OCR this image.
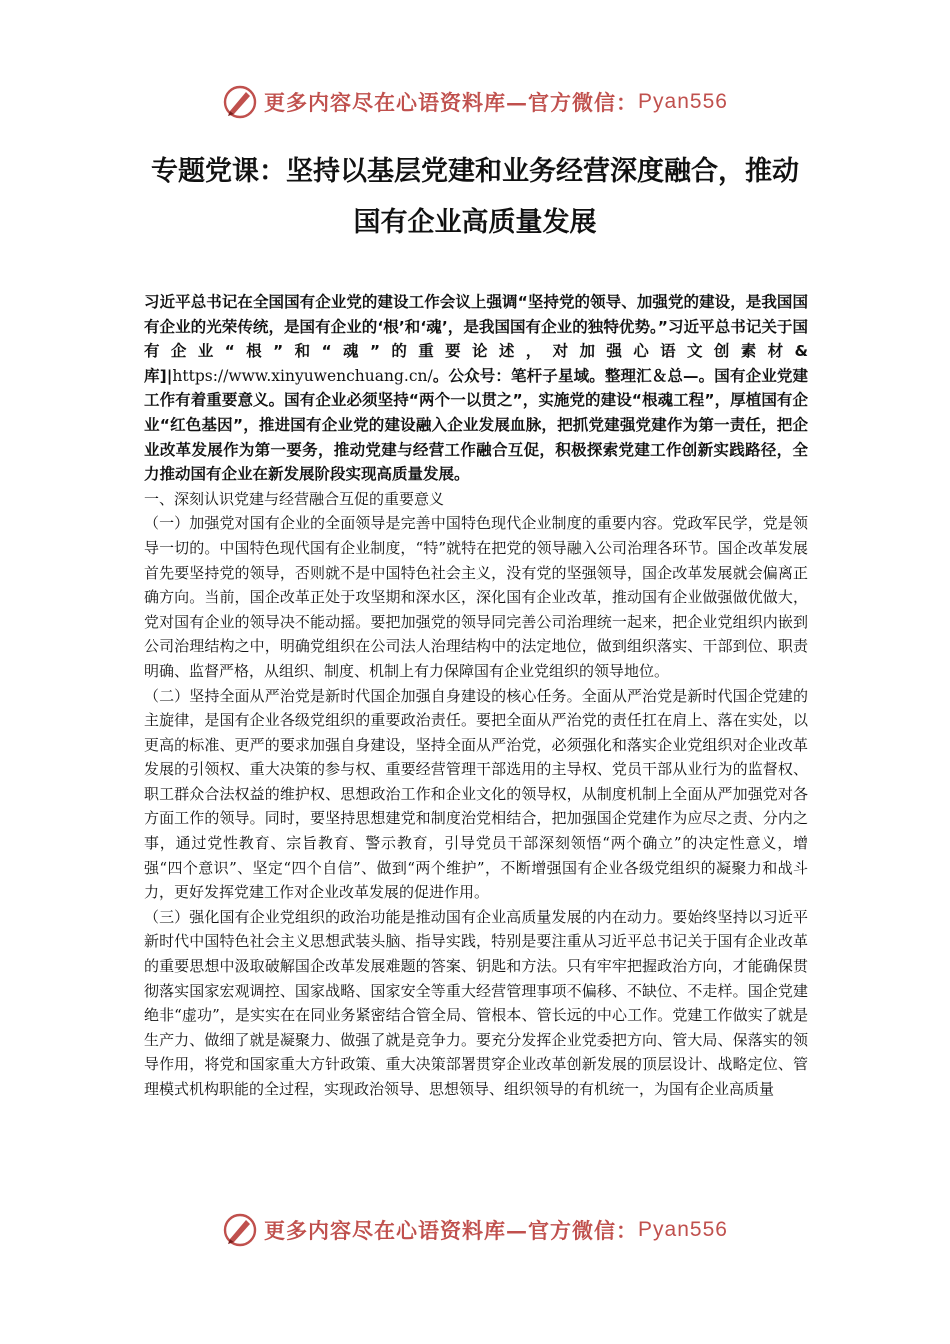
更多内容尽在心语资料库—官方微信： Pyan556
专题党课：坚持以基层党建和业务经营深度融合，推动国有企业高质量发展

习近平总书记在全国国有企业党的建设工作会议上强调“坚持党的领导、加强党的建设，是我国国有企业的光荣传统，是国有企业的‘根’和‘魂’，是我国国有企业的独特优势。”习近平总书记关于国有企业“根”和“魂”的重要论述，对加强心语文创素材&库]|https://www.xinyuwenchuang.cn/。公众号：笔杆子星域。整理汇＆总—。国有企业党建工作有着重要意义。国有企业必须坚持“两个一以贯之”，实施党的建设“根魂工程”，厚植国有企业“红色基因”，推进国有企业党的建设融入企业发展血脉，把抓党建强党建作为第一责任，把企业改革发展作为第一要务，推动党建与经营工作融合互促，积极探索党建工作创新实践路径，全力推动国有企业在新发展阶段实现高质量发展。

一、深刻认识党建与经营融合互促的重要意义

（一）加强党对国有企业的全面领导是完善中国特色现代企业制度的重要内容。党政军民学，党是领导一切的。中国特色现代国有企业制度，“特”就特在把党的领导融入公司治理各环节。国企改革发展首先要坚持党的领导，否则就不是中国特色社会主义，没有党的坚强领导，国企改革发展就会偏离正确方向。当前，国企改革正处于攻坚期和深水区，深化国有企业改革，推动国有企业做强做优做大，党对国有企业的领导决不能动摇。要把加强党的领导同完善公司治理统一起来，把企业党组织内嵌到公司治理结构之中，明确党组织在公司法人治理结构中的法定地位，做到组织落实、干部到位、职责明确、监督严格，从组织、制度、机制上有力保障国有企业党组织的领导地位。

（二）坚持全面从严治党是新时代国企加强自身建设的核心任务。全面从严治党是新时代国企党建的主旋律，是国有企业各级党组织的重要政治责任。要把全面从严治党的责任扛在肩上、落在实处，以更高的标准、更严的要求加强自身建设，坚持全面从严治党，必须强化和落实企业党组织对企业改革发展的引领权、重大决策的参与权、重要经营管理干部选用的主导权、党员干部从业行为的监督权、职工群众合法权益的维护权、思想政治工作和企业文化的领导权，从制度机制上全面从严加强党对各方面工作的领导。同时，要坚持思想建党和制度治党相结合，把加强国企党建作为应尽之责、分内之事，通过党性教育、宗旨教育、警示教育，引导党员干部深刻领悟“两个确立”的决定性意义，增强“四个意识”、坚定“四个自信”、做到“两个维护”，不断增强国有企业各级党组织的凝聚力和战斗力，更好发挥党建工作对企业改革发展的促进作用。

（三）强化国有企业党组织的政治功能是推动国有企业高质量发展的内在动力。要始终坚持以习近平新时代中国特色社会主义思想武装头脑、指导实践，特别是要注重从习近平总书记关于国有企业改革的重要思想中汲取破解国企改革发展难题的答案、钥匙和方法。只有牢牢把握政治方向，才能确保贯彻落实国家宏观调控、国家战略、国家安全等重大经营管理事项不偏移、不缺位、不走样。国企党建绝非“虚功”，是实实在在同业务紧密结合管全局、管根本、管长远的中心工作。党建工作做实了就是生产力、做细了就是凝聚力、做强了就是竞争力。要充分发挥企业党委把方向、管大局、保落实的领导作用，将党和国家重大方针政策、重大决策部署贯穿企业改革创新发展的顶层设计、战略定位、管理模式机构职能的全过程，实现政治领导、思想领导、组织领导的有机统一，为国有企业高质量

更多内容尽在心语资料库—官方微信： Pyan556
